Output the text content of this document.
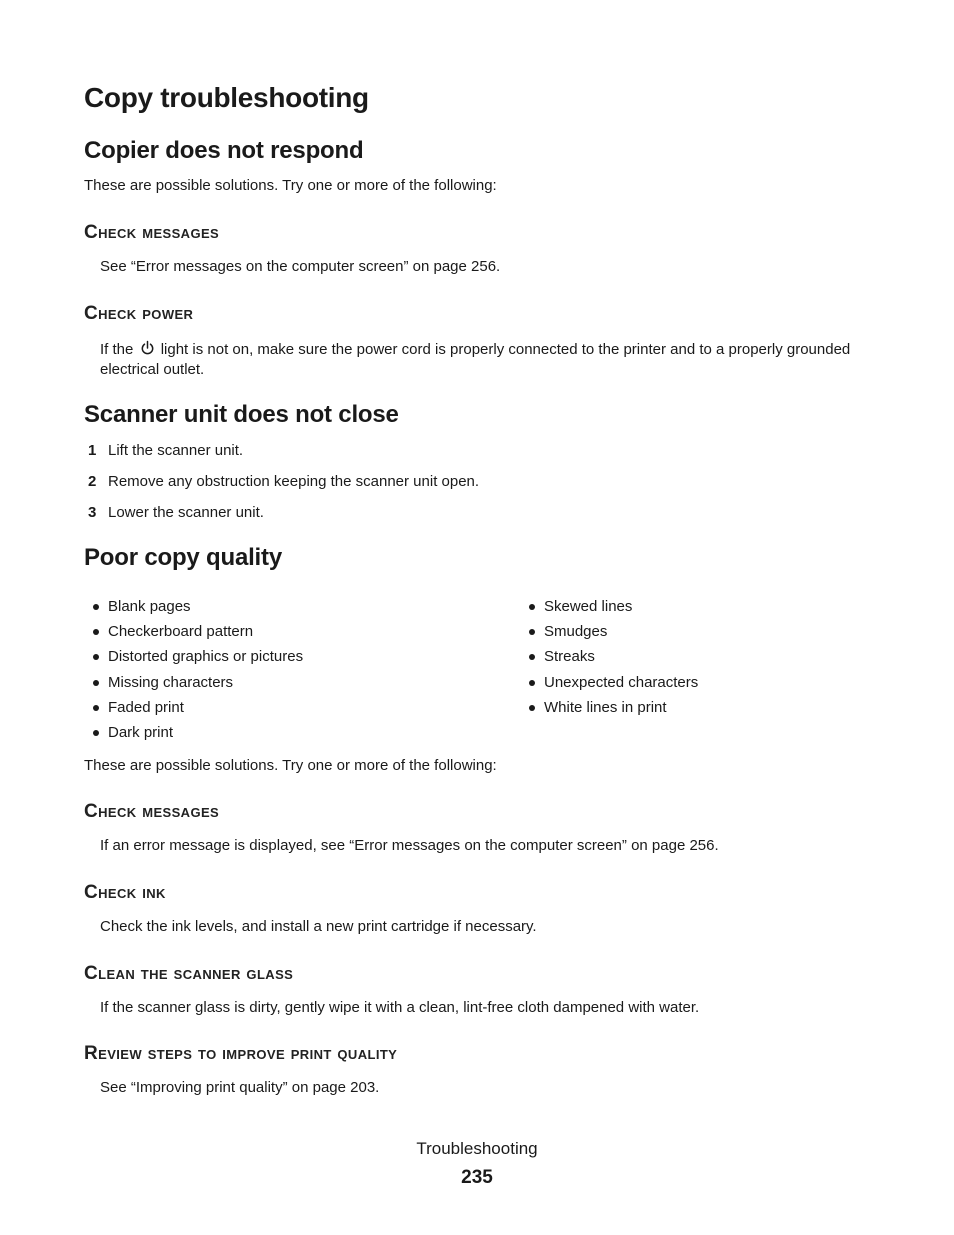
Copy troubleshooting
Copier does not respond

These are possible solutions. Try one or more of the following:

Check messages

See “Error messages on the computer screen” on page 256.

Check power

If the light is not on, make sure the power cord is properly connected to the printer and to a properly grounded electrical outlet.

Scanner unit does not close
1 Lift the scanner unit.
2 Remove any obstruction keeping the scanner unit open.
3 Lower the scanner unit.
Poor copy quality
Blank pages
Checkerboard pattern
Distorted graphics or pictures
Missing characters
Faded print
Dark print
Skewed lines
Smudges
Streaks
Unexpected characters
White lines in print

These are possible solutions. Try one or more of the following:

Check messages

If an error message is displayed, see “Error messages on the computer screen” on page 256.

Check ink

Check the ink levels, and install a new print cartridge if necessary.

Clean the scanner glass

If the scanner glass is dirty, gently wipe it with a clean, lint-free cloth dampened with water.

Review steps to improve print quality

See “Improving print quality” on page 203.

Troubleshooting
235
